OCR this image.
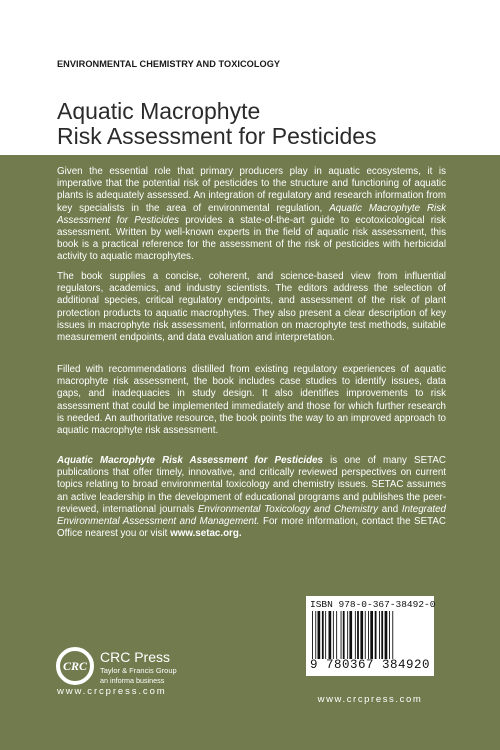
ENVIRONMENTAL CHEMISTRY AND TOXICOLOGY
Aquatic Macrophyte
Risk Assessment for Pesticides

Given the essential role that primary producers play in aquatic ecosystems, it is imperative that the potential risk of pesticides to the structure and functioning of aquatic plants is adequately assessed. An integration of regulatory and research information from key specialists in the area of environmental regulation, Aquatic Macrophyte Risk Assessment for Pesticides provides a state-of-the-art guide to ecotoxicological risk assessment. Written by well-known experts in the field of aquatic risk assessment, this book is a practical reference for the assessment of the risk of pesticides with herbicidal activity to aquatic macrophytes.

The book supplies a concise, coherent, and science-based view from influential regulators, academics, and industry scientists. The editors address the selection of additional species, critical regulatory endpoints, and assessment of the risk of plant protection products to aquatic macrophytes. They also present a clear description of key issues in macrophyte risk assessment, information on macrophyte test methods, suitable measurement endpoints, and data evaluation and interpretation.

Filled with recommendations distilled from existing regulatory experiences of aquatic macrophyte risk assessment, the book includes case studies to identify issues, data gaps, and inadequacies in study design. It also identifies improvements to risk assessment that could be implemented immediately and those for which further research is needed. An authoritative resource, the book points the way to an improved approach to aquatic macrophyte risk assessment.

Aquatic Macrophyte Risk Assessment for Pesticides is one of many SETAC publications that offer timely, innovative, and critically reviewed perspectives on current topics relating to broad environmental toxicology and chemistry issues. SETAC assumes an active leadership in the development of educational programs and publishes the peer-reviewed, international journals Environmental Toxicology and Chemistry and Integrated Environmental Assessment and Management. For more information, contact the SETAC Office nearest you or visit www.setac.org.

CRC
CRC Press
Taylor & Francis Group
an informa business
www.crcpress.com
ISBN 978-0-367-38492-0
9 780367 384920
www.crcpress.com
